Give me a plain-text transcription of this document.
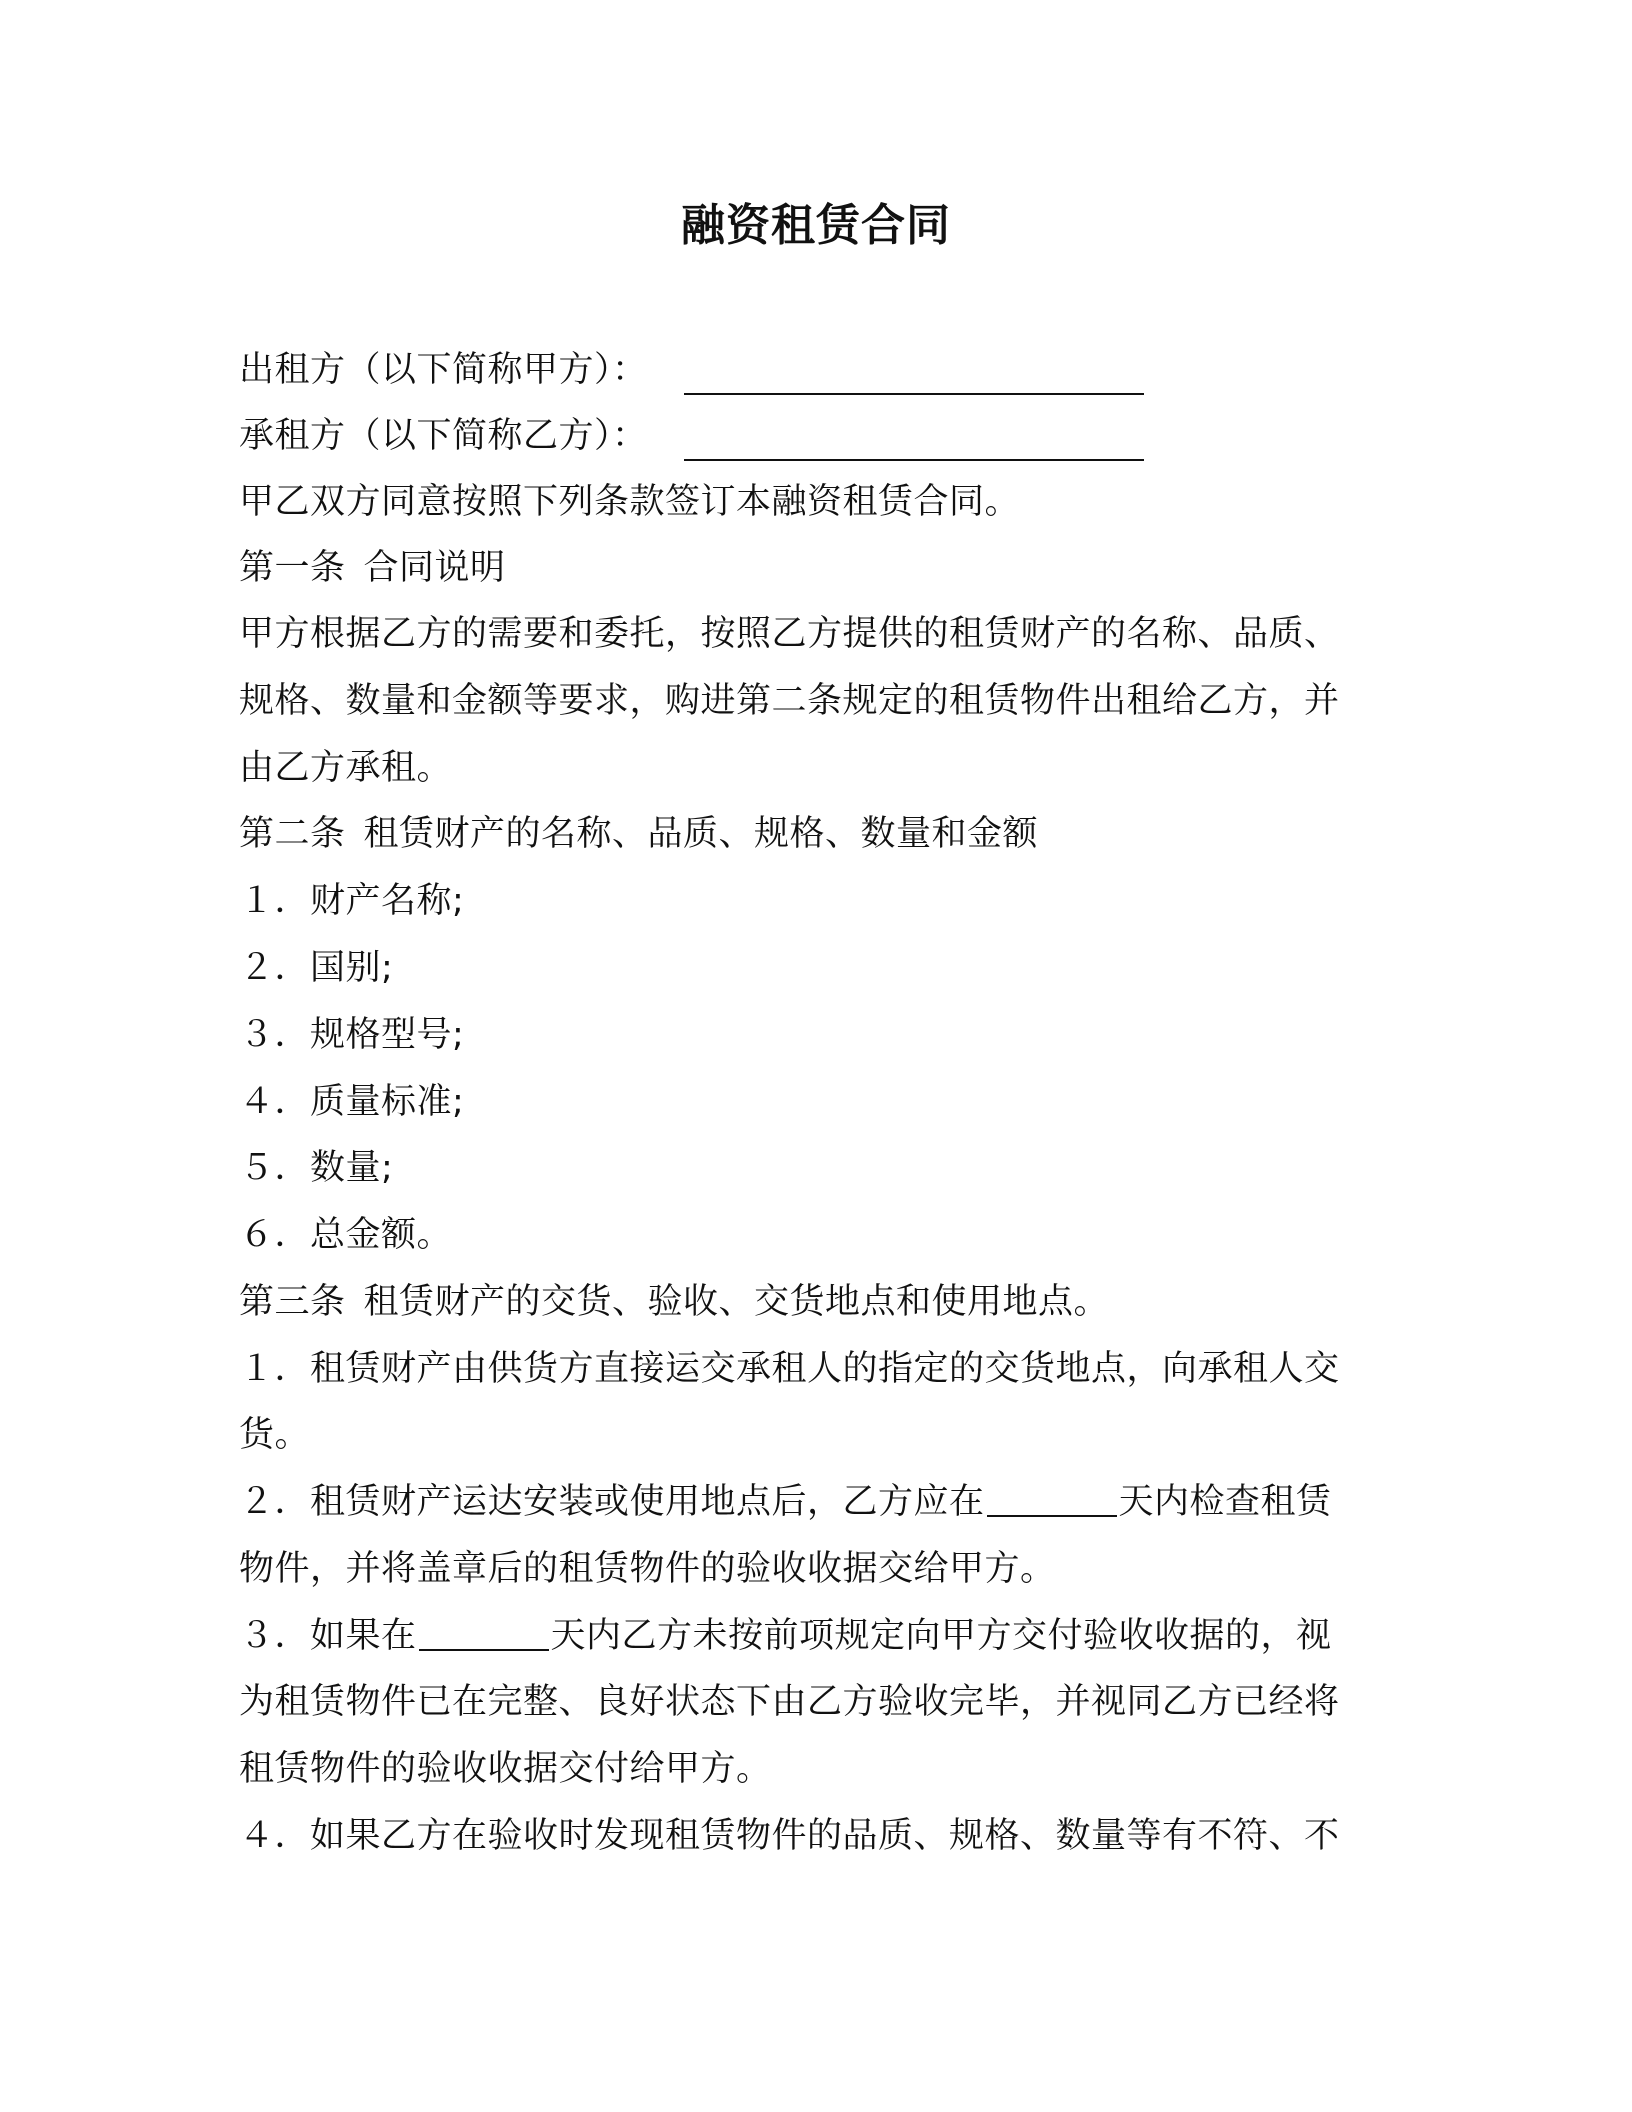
融资租赁合同
出租方（以下简称甲方）：
承租方（以下简称乙方）：
甲乙双方同意按照下列条款签订本融资租赁合同。
第一条 合同说明
甲方根据乙方的需要和委托，按照乙方提供的租赁财产的名称、品质、
规格、数量和金额等要求，购进第二条规定的租赁物件出租给乙方，并
由乙方承租。
第二条 租赁财产的名称、品质、规格、数量和金额
１．财产名称;
２．国别;
３．规格型号;
４．质量标准;
５．数量;
６．总金额。
第三条 租赁财产的交货、验收、交货地点和使用地点。
１．租赁财产由供货方直接运交承租人的指定的交货地点，向承租人交
货。
２．租赁财产运达安装或使用地点后，乙方应在	天内检查租赁
物件，并将盖章后的租赁物件的验收收据交给甲方。
３．如果在	天内乙方未按前项规定向甲方交付验收收据的，视
为租赁物件已在完整、良好状态下由乙方验收完毕，并视同乙方已经将
租赁物件的验收收据交付给甲方。
４．如果乙方在验收时发现租赁物件的品质、规格、数量等有不符、不
